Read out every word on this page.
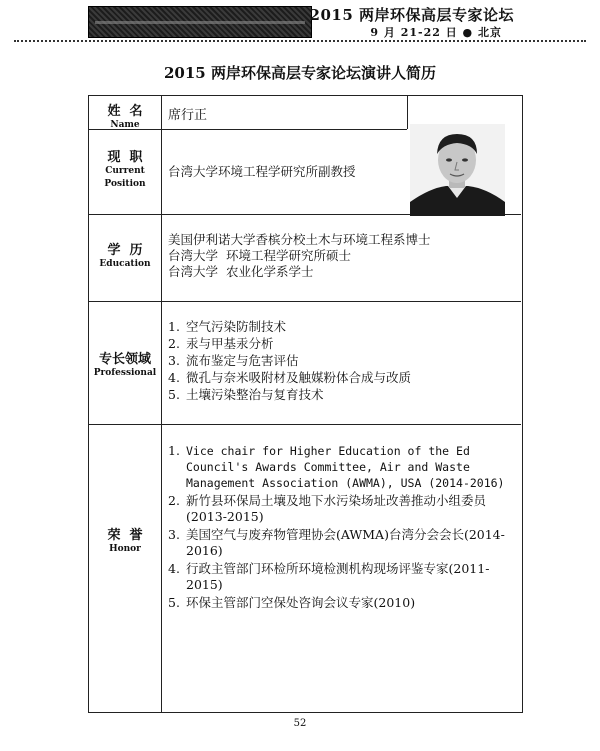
2015 两岸环保高层专家论坛
9 月 21-22 日 ● 北京
2015 两岸环保高层专家论坛演讲人简历
姓  名
Name
席行正
现  职
Current
Position
台湾大学环境工程学研究所副教授
学  历
Education
美国伊利诺大学香槟分校土木与环境工程系博士
台湾大学  环境工程学研究所硕士
台湾大学  农业化学系学士
专长领域
Professional
1. 空气污染防制技术
2. 汞与甲基汞分析
3. 流布鉴定与危害评估
4. 微孔与奈米吸附材及触媒粉体合成与改质
5. 土壤污染整治与复育技术
荣  誉
Honor
1. Vice chair for Higher Education of the Ed Council's Awards Committee, Air and Waste Management Association (AWMA), USA (2014-2016)
2. 新竹县环保局土壤及地下水污染场址改善推动小组委员(2013-2015)
3. 美国空气与废弃物管理协会(AWMA)台湾分会会长(2014-2016)
4. 行政主管部门环检所环境检测机构现场评鉴专家(2011-2015)
5. 环保主管部门空保处咨询会议专家(2010)
52
